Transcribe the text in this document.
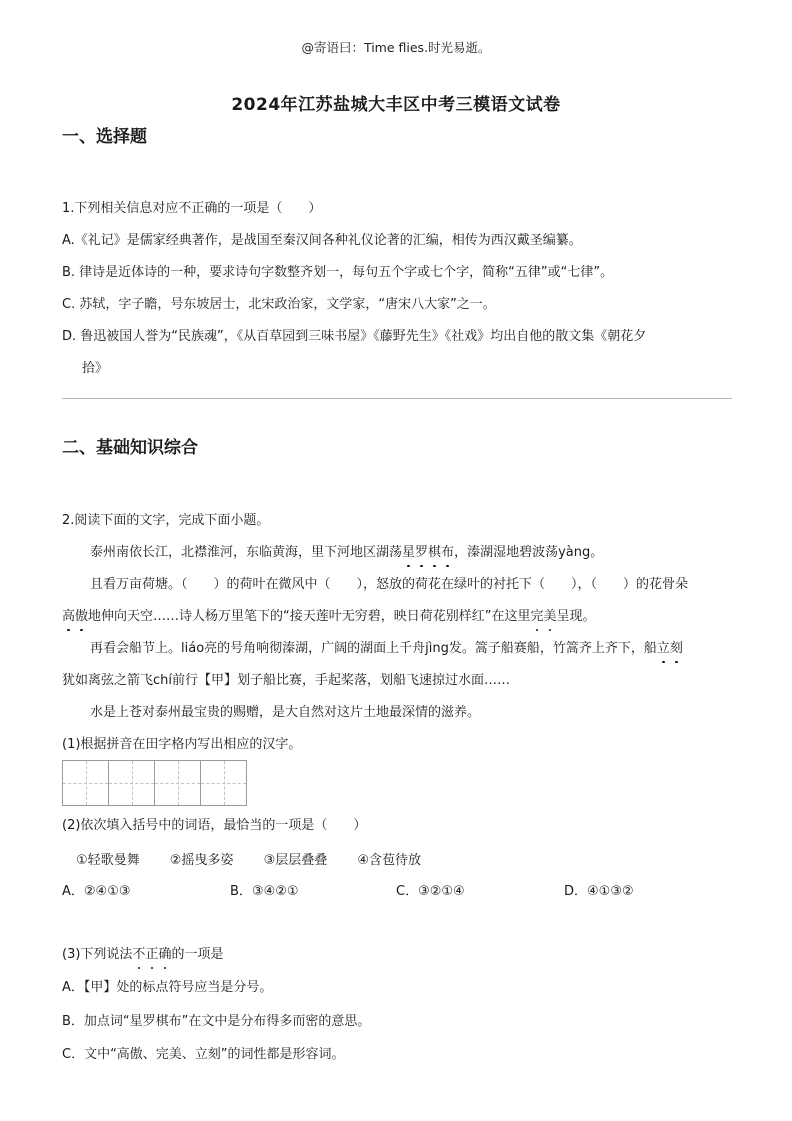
@寄语曰：Time flies.时光易逝。
2024年江苏盐城大丰区中考三模语文试卷
一、选择题
1.下列相关信息对应不正确的一项是（　　）
A.《礼记》是儒家经典著作，是战国至秦汉间各种礼仪论著的汇编，相传为西汉戴圣编纂。
B. 律诗是近体诗的一种，要求诗句字数整齐划一，每句五个字或七个字，简称“五律”或“七律”。
C. 苏轼，字子瞻，号东坡居士，北宋政治家，文学家，“唐宋八大家”之一。
D. 鲁迅被国人誉为“民族魂”，《从百草园到三味书屋》《藤野先生》《社戏》均出自他的散文集《朝花夕
拾》
二、基础知识综合
2.阅读下面的文字，完成下面小题。
泰州南依长江，北襟淮河，东临黄海，里下河地区湖荡星罗棋布，溱湖湿地碧波荡yàng。
且看万亩荷塘。（　　）的荷叶在微风中（　　），怒放的荷花在绿叶的衬托下（　　），（　　）的花骨朵
高傲地伸向天空……诗人杨万里笔下的“接天莲叶无穷碧，映日荷花别样红”在这里完美呈现。
再看会船节上。liáo亮的号角响彻溱湖，广阔的湖面上千舟jìng发。篙子船赛船，竹篙齐上齐下，船立刻
犹如离弦之箭飞chí前行【甲】划子船比赛，手起桨落，划船飞速掠过水面……
水是上苍对泰州最宝贵的赐赠，是大自然对这片土地最深情的滋养。
(1)根据拼音在田字格内写出相应的汉字。
(2)依次填入括号中的词语，最恰当的一项是（　　）
①轻歌曼舞 ②摇曳多姿 ③层层叠叠 ④含苞待放
A．②④①③	B．③④②①	C．③②①④	D．④①③②
(3)下列说法不正确的一项是
A．【甲】处的标点符号应当是分号。
B．加点词“星罗棋布”在文中是分布得多而密的意思。
C．文中“高傲、完美、立刻”的词性都是形容词。
